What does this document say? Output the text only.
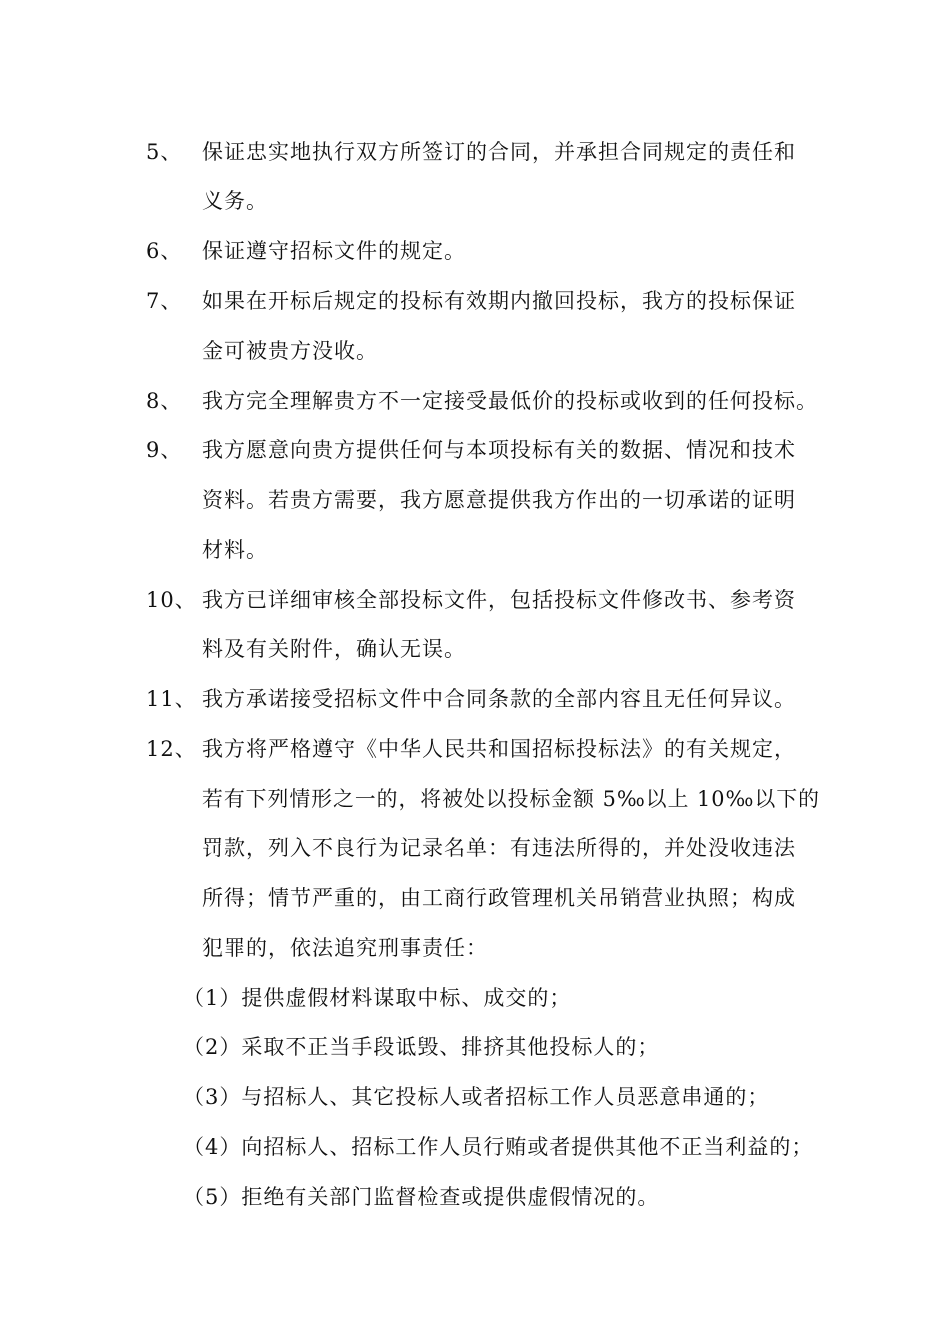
5、 保证忠实地执行双方所签订的合同，并承担合同规定的责任和
义务。
6、 保证遵守招标文件的规定。
7、 如果在开标后规定的投标有效期内撤回投标，我方的投标保证
金可被贵方没收。
8、 我方完全理解贵方不一定接受最低价的投标或收到的任何投标。
9、 我方愿意向贵方提供任何与本项投标有关的数据、情况和技术
资料。若贵方需要，我方愿意提供我方作出的一切承诺的证明
材料。
10、 我方已详细审核全部投标文件，包括投标文件修改书、参考资
料及有关附件，确认无误。
11、 我方承诺接受招标文件中合同条款的全部内容且无任何异议。
12、 我方将严格遵守《中华人民共和国招标投标法》的有关规定，
若有下列情形之一的，将被处以投标金额 5‰以上 10‰以下的
罚款，列入不良行为记录名单：有违法所得的，并处没收违法
所得；情节严重的，由工商行政管理机关吊销营业执照；构成
犯罪的，依法追究刑事责任：
（1）提供虚假材料谋取中标、成交的；
（2）采取不正当手段诋毁、排挤其他投标人的；
（3）与招标人、其它投标人或者招标工作人员恶意串通的；
（4）向招标人、招标工作人员行贿或者提供其他不正当利益的；
（5）拒绝有关部门监督检查或提供虚假情况的。
